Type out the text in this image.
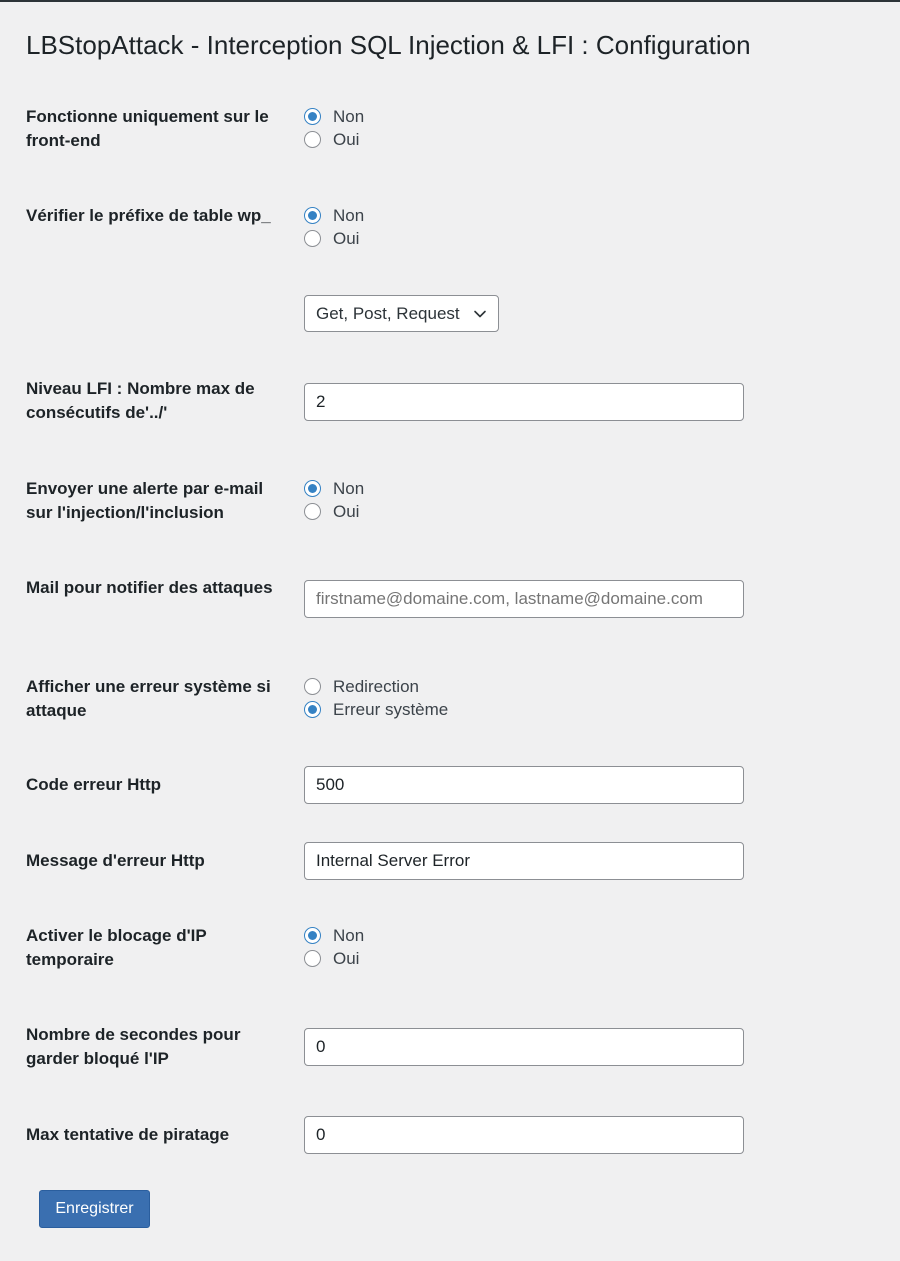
LBStopAttack - Interception SQL Injection & LFI : Configuration
Fonctionne uniquement sur le front-end
Non
Oui
Vérifier le préfixe de table wp_	Non
Oui
Get, Post, Request
Niveau LFI : Nombre max de consécutifs de'../'
2
Envoyer une alerte par e-mail sur l'injection/l'inclusion
Non
Oui
Mail pour notifier des attaques
firstname@domaine.com, lastname@domaine.com
Afficher une erreur système si attaque
Redirection
Erreur système
Code erreur Http
500
Message d'erreur Http
Internal Server Error
Activer le blocage d'IP temporaire
Non
Oui
Nombre de secondes pour garder bloqué l'IP
0
Max tentative de piratage
0
Enregistrer
